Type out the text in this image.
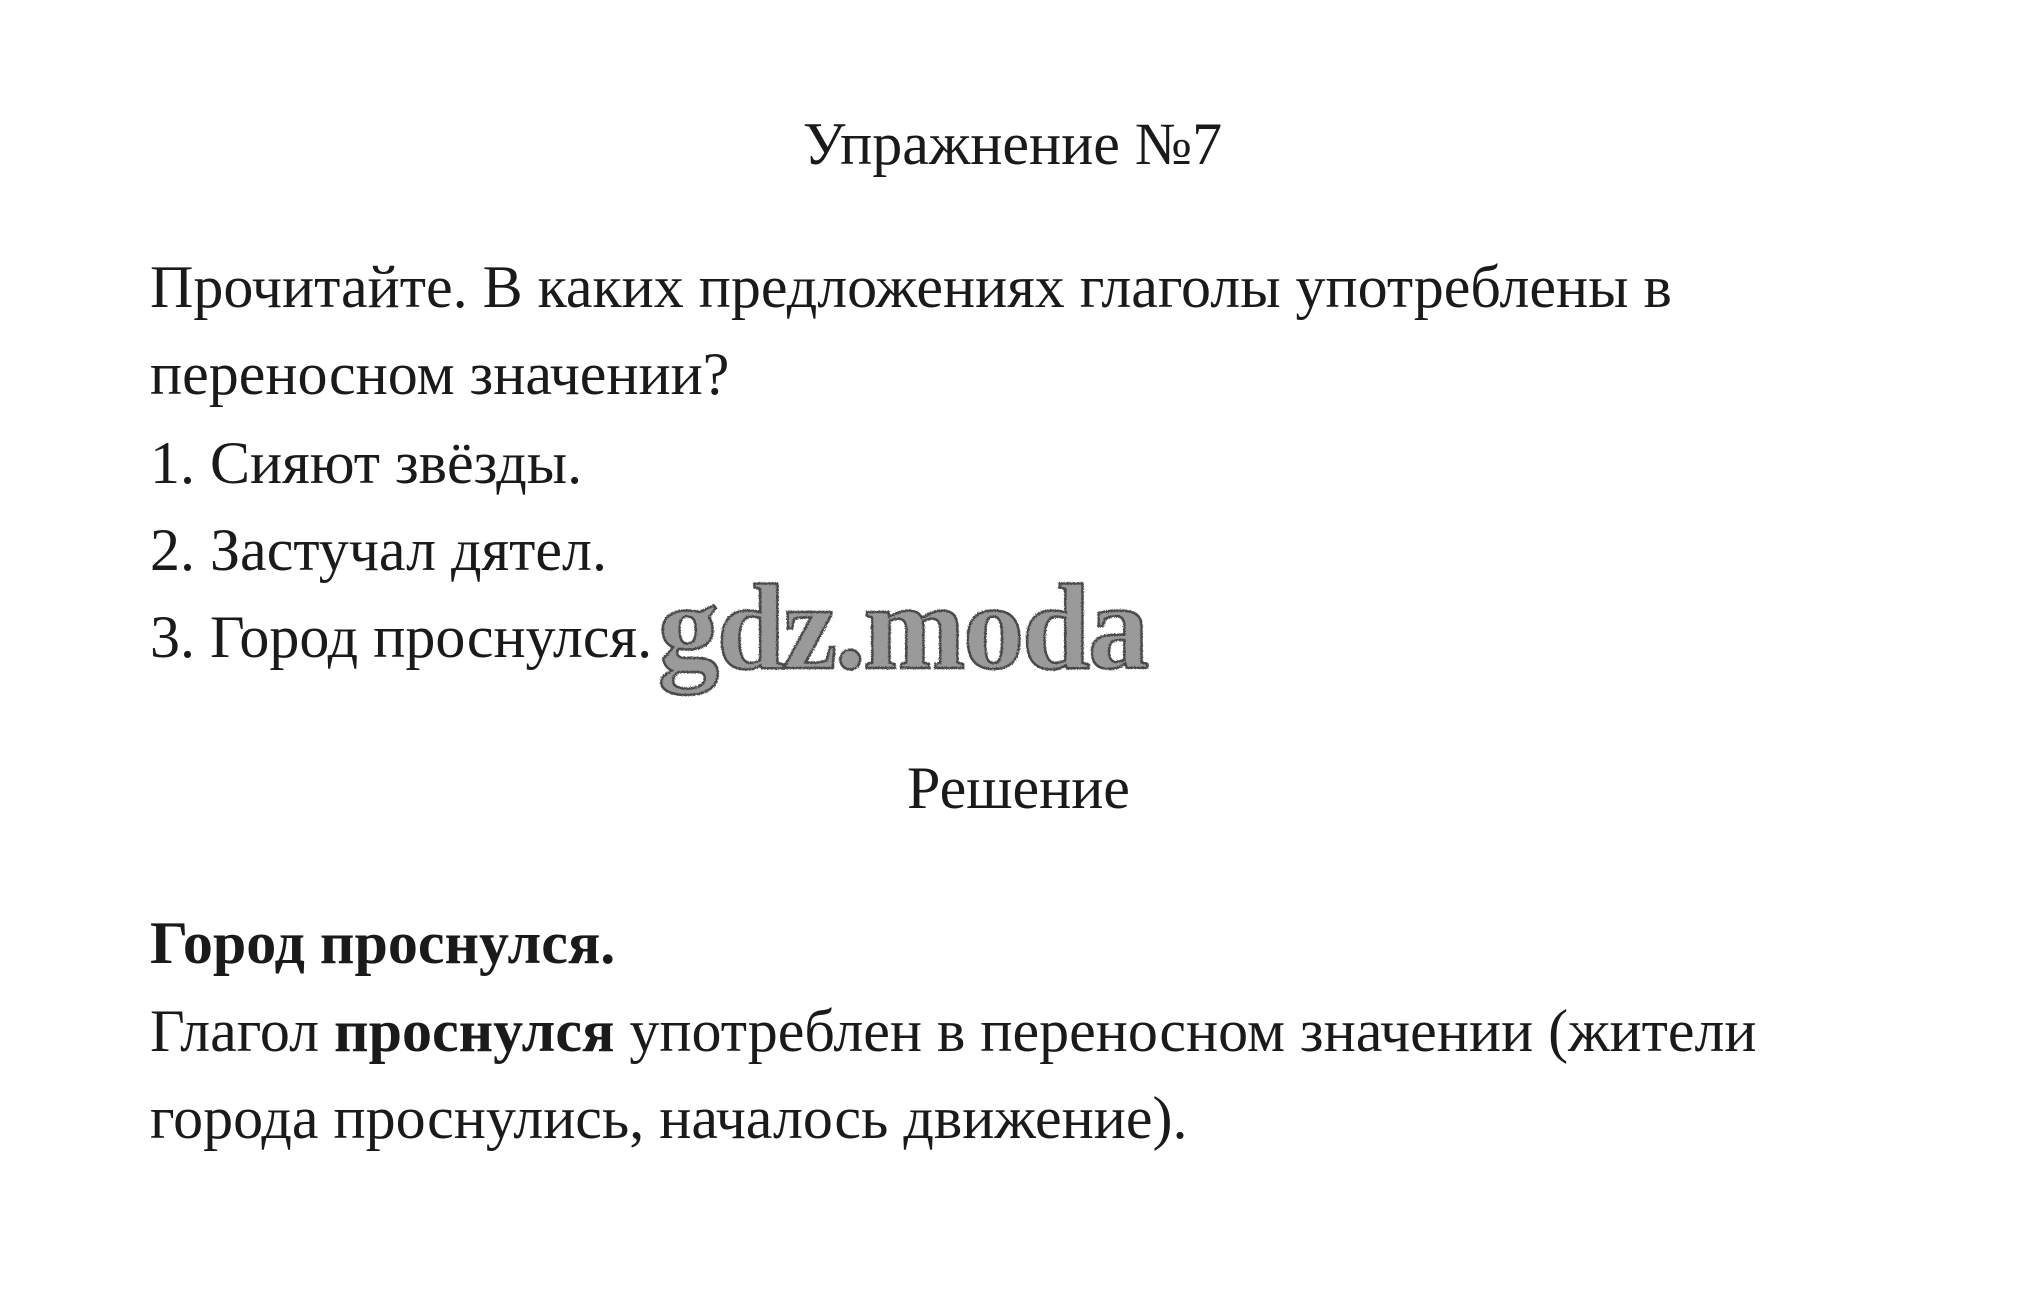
Упражнение №7
Прочитайте. В каких предложениях глаголы употреблены в
переносном значении?
1. Сияют звёзды.
2. Застучал дятел.
3. Город проснулся. gdz.moda
Решение
Город проснулся.
Глагол проснулся употреблен в переносном значении (жители
города проснулись, началось движение).
